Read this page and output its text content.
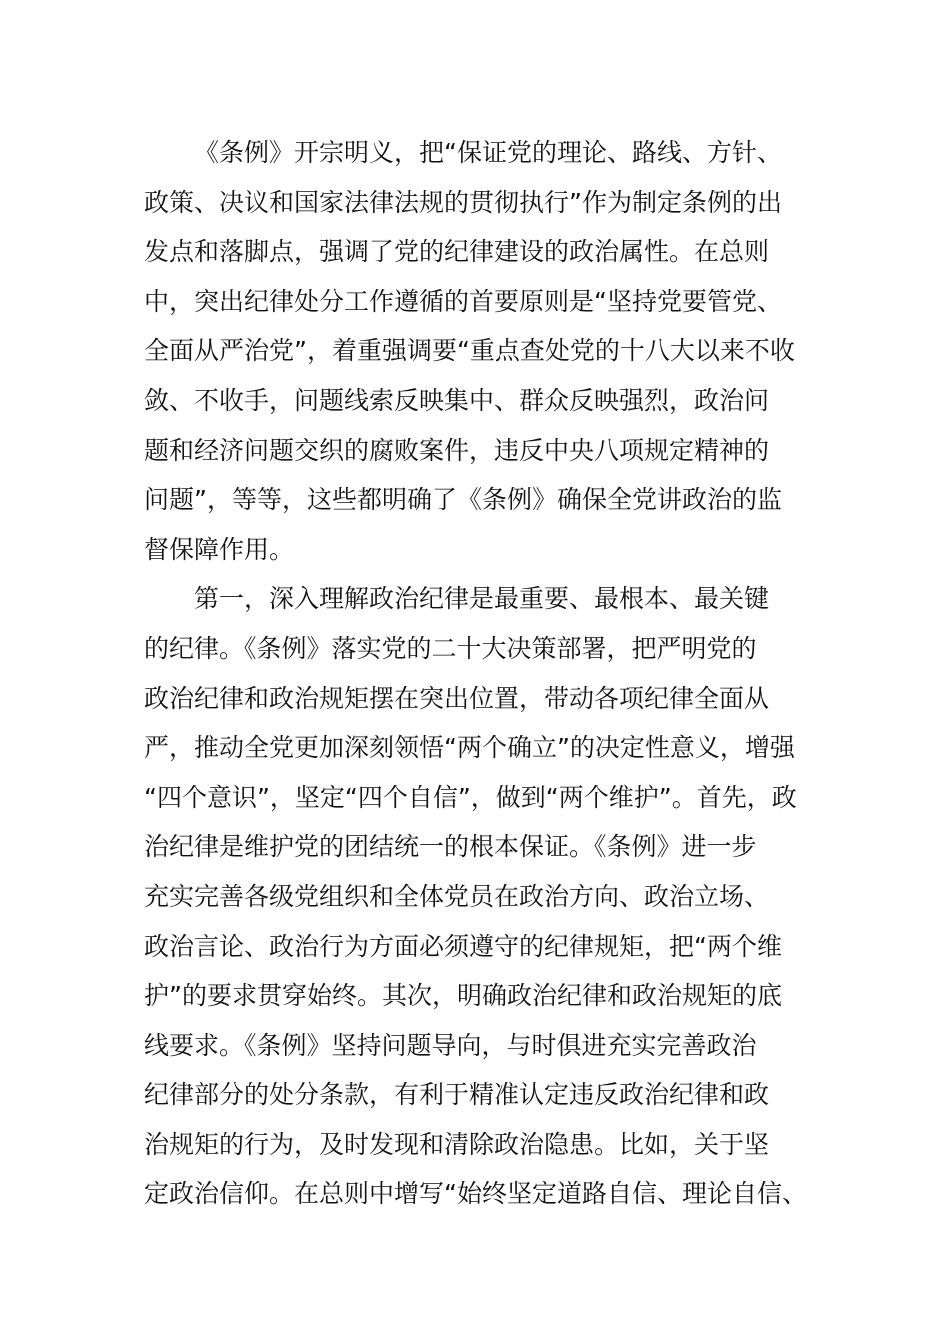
《条例》开宗明义，把“保证党的理论、路线、方针、
政策、决议和国家法律法规的贯彻执行”作为制定条例的出
发点和落脚点，强调了党的纪律建设的政治属性。在总则
中，突出纪律处分工作遵循的首要原则是“坚持党要管党、
全面从严治党”，着重强调要“重点查处党的十八大以来不收
敛、不收手，问题线索反映集中、群众反映强烈，政治问
题和经济问题交织的腐败案件，违反中央八项规定精神的
问题”，等等，这些都明确了《条例》确保全党讲政治的监
督保障作用。
第一，深入理解政治纪律是最重要、最根本、最关键
的纪律。《条例》落实党的二十大决策部署，把严明党的
政治纪律和政治规矩摆在突出位置，带动各项纪律全面从
严，推动全党更加深刻领悟“两个确立”的决定性意义，增强
“四个意识”，坚定“四个自信”，做到“两个维护”。首先，政
治纪律是维护党的团结统一的根本保证。《条例》进一步
充实完善各级党组织和全体党员在政治方向、政治立场、
政治言论、政治行为方面必须遵守的纪律规矩，把“两个维
护”的要求贯穿始终。其次，明确政治纪律和政治规矩的底
线要求。《条例》坚持问题导向，与时俱进充实完善政治
纪律部分的处分条款，有利于精准认定违反政治纪律和政
治规矩的行为，及时发现和清除政治隐患。比如，关于坚
定政治信仰。在总则中增写“始终坚定道路自信、理论自信、
